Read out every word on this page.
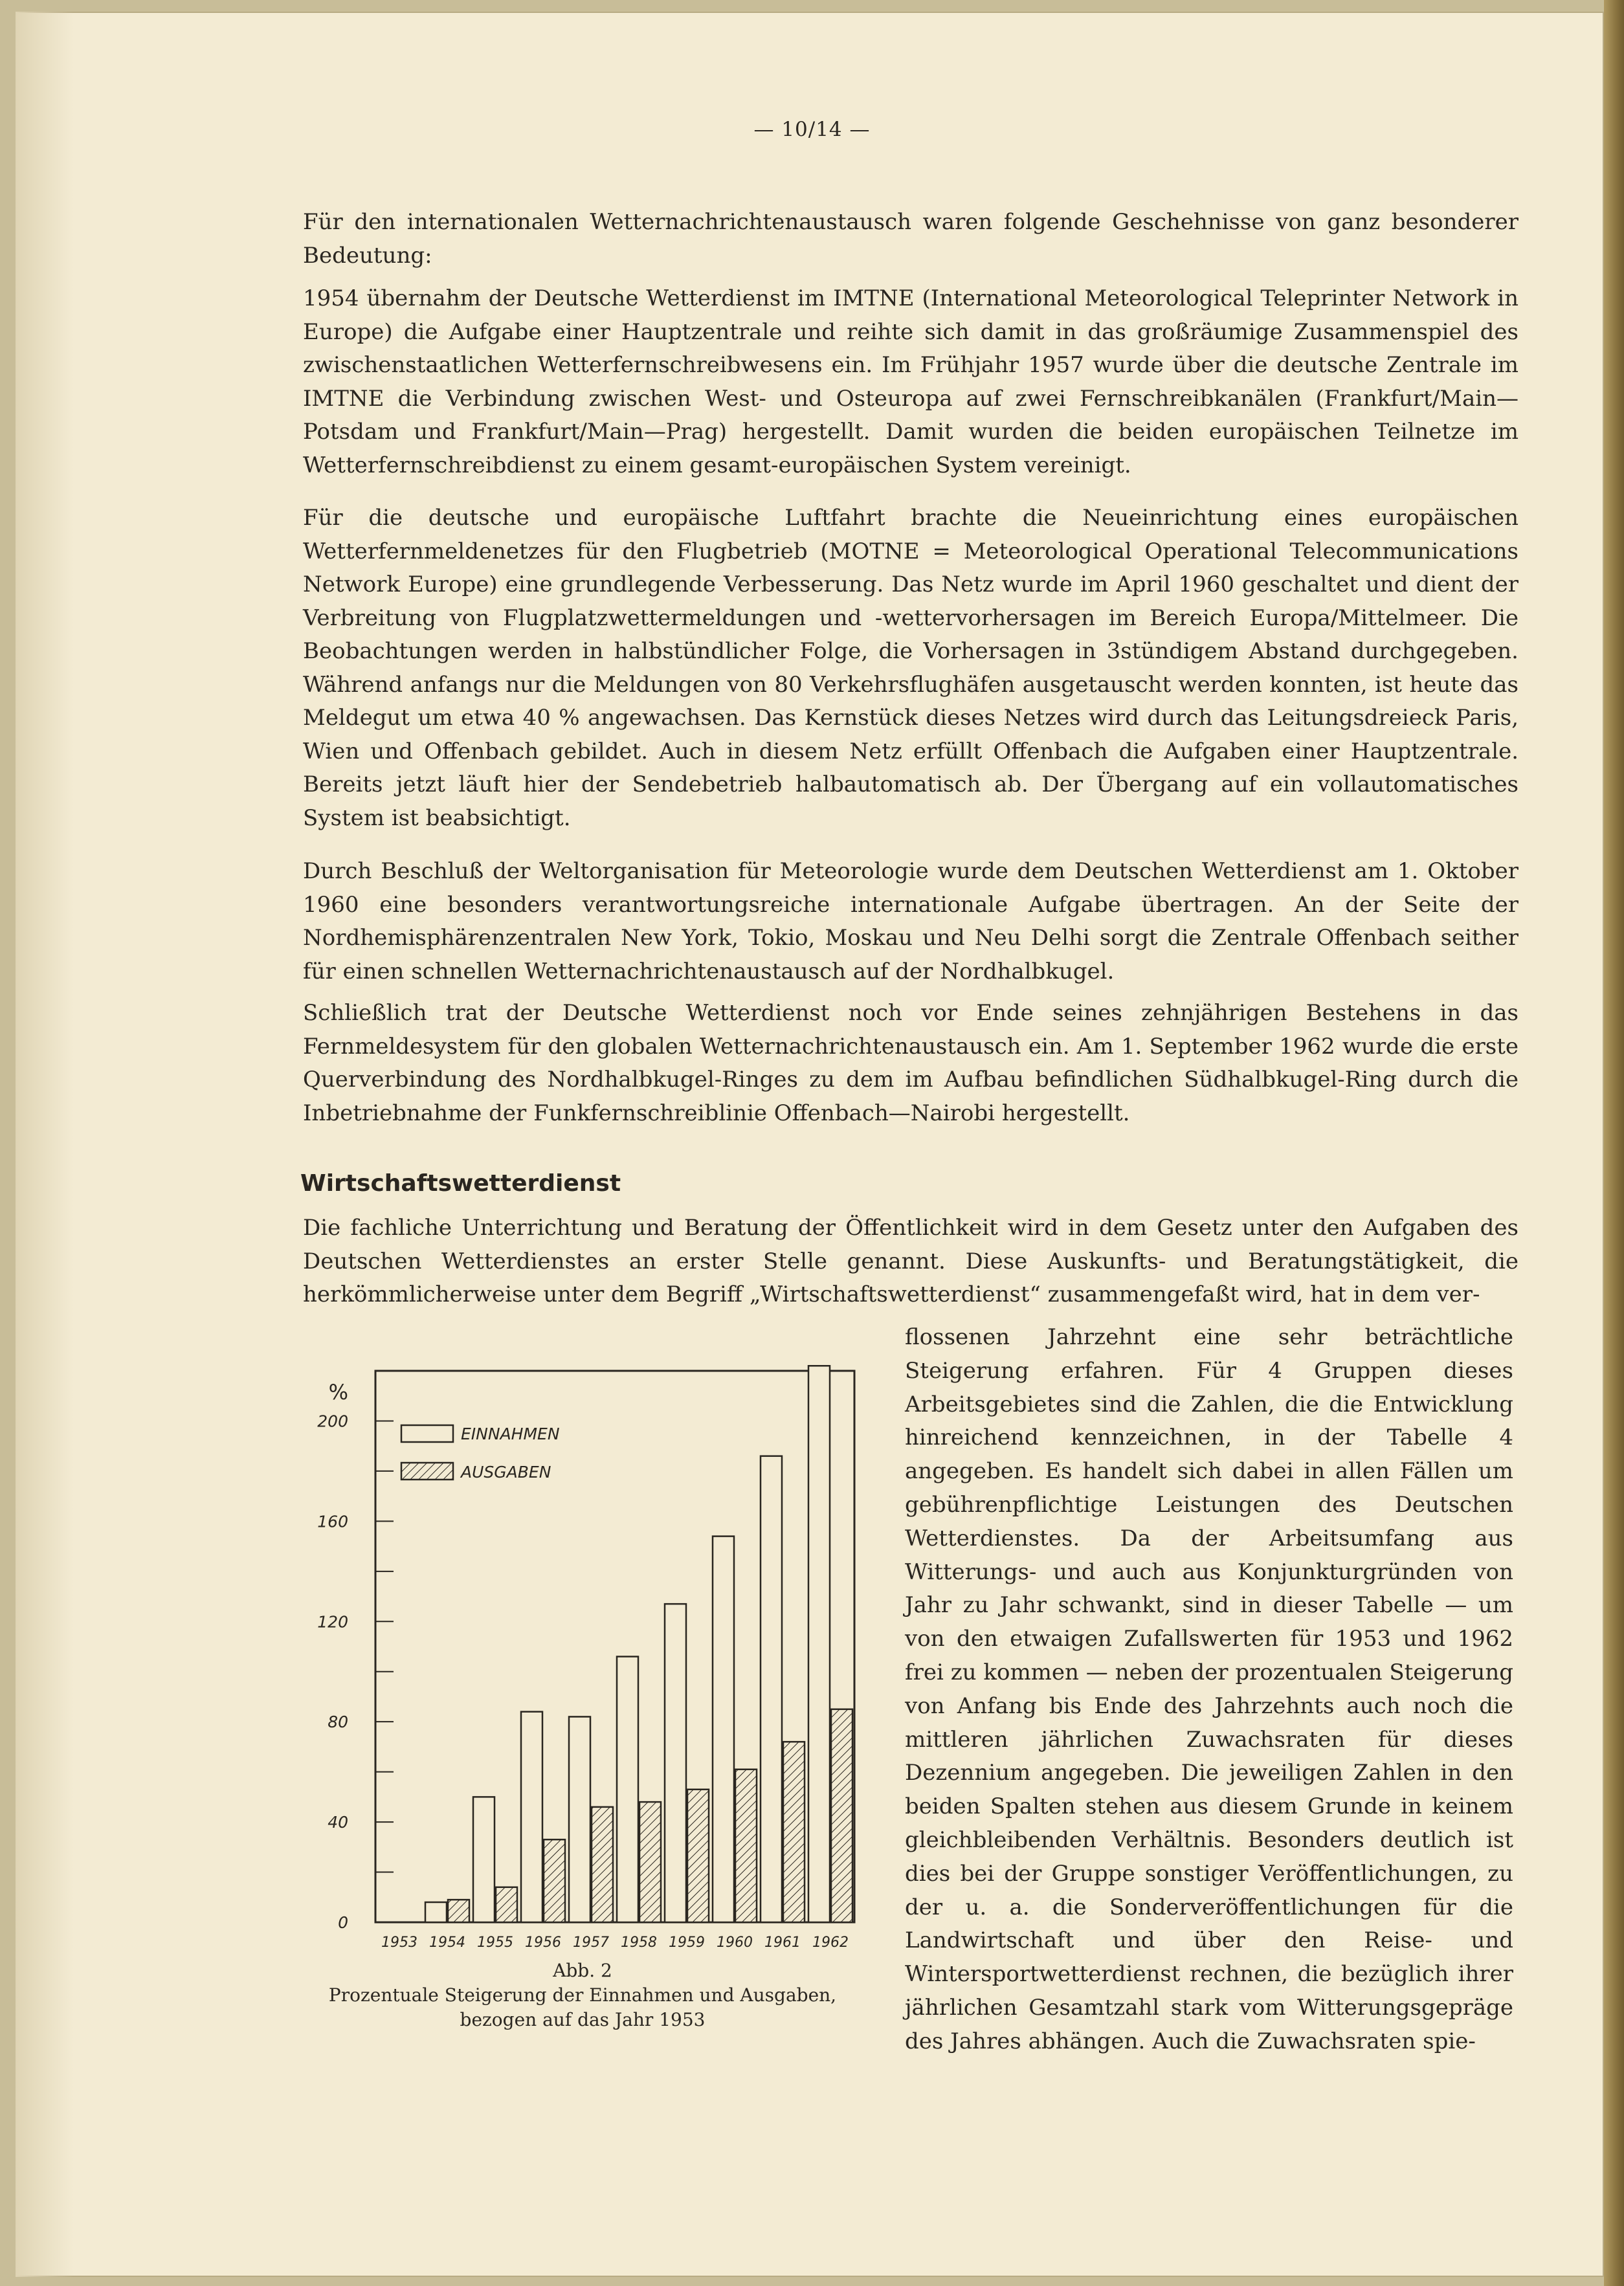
— 10/14 —

Für den internationalen Wetternachrichtenaustausch waren folgende Geschehnisse von ganz besonderer Bedeutung:

1954 übernahm der Deutsche Wetterdienst im IMTNE (International Meteorological Teleprinter Network in Europe) die Aufgabe einer Hauptzentrale und reihte sich damit in das großräumige Zusammenspiel des zwischenstaatlichen Wetterfernschreibwesens ein. Im Frühjahr 1957 wurde über die deutsche Zentrale im IMTNE die Verbindung zwischen West- und Osteuropa auf zwei Fernschreibkanälen (Frankfurt/Main—Potsdam und Frankfurt/Main—Prag) hergestellt. Damit wurden die beiden europäischen Teilnetze im Wetterfernschreibdienst zu einem gesamt-europäischen System vereinigt.

Für die deutsche und europäische Luftfahrt brachte die Neueinrichtung eines europäischen Wetterfernmeldenetzes für den Flugbetrieb (MOTNE = Meteorological Operational Telecommunications Network Europe) eine grundlegende Verbesserung. Das Netz wurde im April 1960 geschaltet und dient der Verbreitung von Flugplatzwettermeldungen und -wettervorhersagen im Bereich Europa/Mittelmeer. Die Beobachtungen werden in halbstündlicher Folge, die Vorhersagen in 3stündigem Abstand durchgegeben. Während anfangs nur die Meldungen von 80 Verkehrsflughäfen ausgetauscht werden konnten, ist heute das Meldegut um etwa 40 % angewachsen. Das Kernstück dieses Netzes wird durch das Leitungsdreieck Paris, Wien und Offenbach gebildet. Auch in diesem Netz erfüllt Offenbach die Aufgaben einer Hauptzentrale. Bereits jetzt läuft hier der Sendebetrieb halbautomatisch ab. Der Übergang auf ein vollautomatisches System ist beabsichtigt.

Durch Beschluß der Weltorganisation für Meteorologie wurde dem Deutschen Wetterdienst am 1. Oktober 1960 eine besonders verantwortungsreiche internationale Aufgabe übertragen. An der Seite der Nordhemisphärenzentralen New York, Tokio, Moskau und Neu Delhi sorgt die Zentrale Offenbach seither für einen schnellen Wetternachrichtenaustausch auf der Nordhalbkugel.

Schließlich trat der Deutsche Wetterdienst noch vor Ende seines zehnjährigen Bestehens in das Fernmeldesystem für den globalen Wetternachrichtenaustausch ein. Am 1. September 1962 wurde die erste Querverbindung des Nordhalbkugel-Ringes zu dem im Aufbau befindlichen Südhalbkugel-Ring durch die Inbetriebnahme der Funkfernschreiblinie Offenbach—Nairobi hergestellt.

Wirtschaftswetterdienst

Die fachliche Unterrichtung und Beratung der Öffentlichkeit wird in dem Gesetz unter den Aufgaben des Deutschen Wetterdienstes an erster Stelle genannt. Diese Auskunfts- und Beratungstätigkeit, die herkömmlicherweise unter dem Begriff „Wirtschaftswetterdienst“ zusammengefaßt wird, hat in dem ver-

flossenen Jahrzehnt eine sehr beträchtliche Steigerung erfahren. Für 4 Gruppen dieses Arbeitsgebietes sind die Zahlen, die die Entwicklung hinreichend kennzeichnen, in der Tabelle 4 angegeben. Es handelt sich dabei in allen Fällen um gebührenpflichtige Leistungen des Deutschen Wetterdienstes. Da der Arbeitsumfang aus Witterungs- und auch aus Konjunkturgründen von Jahr zu Jahr schwankt, sind in dieser Tabelle — um von den etwaigen Zufallswerten für 1953 und 1962 frei zu kommen — neben der prozentualen Steigerung von Anfang bis Ende des Jahrzehnts auch noch die mittleren jährlichen Zuwachsraten für dieses Dezennium angegeben. Die jeweiligen Zahlen in den beiden Spalten stehen aus diesem Grunde in keinem gleichbleibenden Verhältnis. Besonders deutlich ist dies bei der Gruppe sonstiger Veröffentlichungen, zu der u. a. die Sonderveröffentlichungen für die Landwirtschaft und über den Reise- und Wintersportwetterdienst rechnen, die bezüglich ihrer jährlichen Gesamtzahl stark vom Witterungsgepräge des Jahres abhängen. Auch die Zuwachsraten spie-

0
40
80
120
160
200
%
1953 1954 1955 1956 1957 1958 1959 1960 1961 1962
EINNAHMEN
AUSGABEN
Abb. 2
Prozentuale Steigerung der Einnahmen und Ausgaben,
bezogen auf das Jahr 1953
